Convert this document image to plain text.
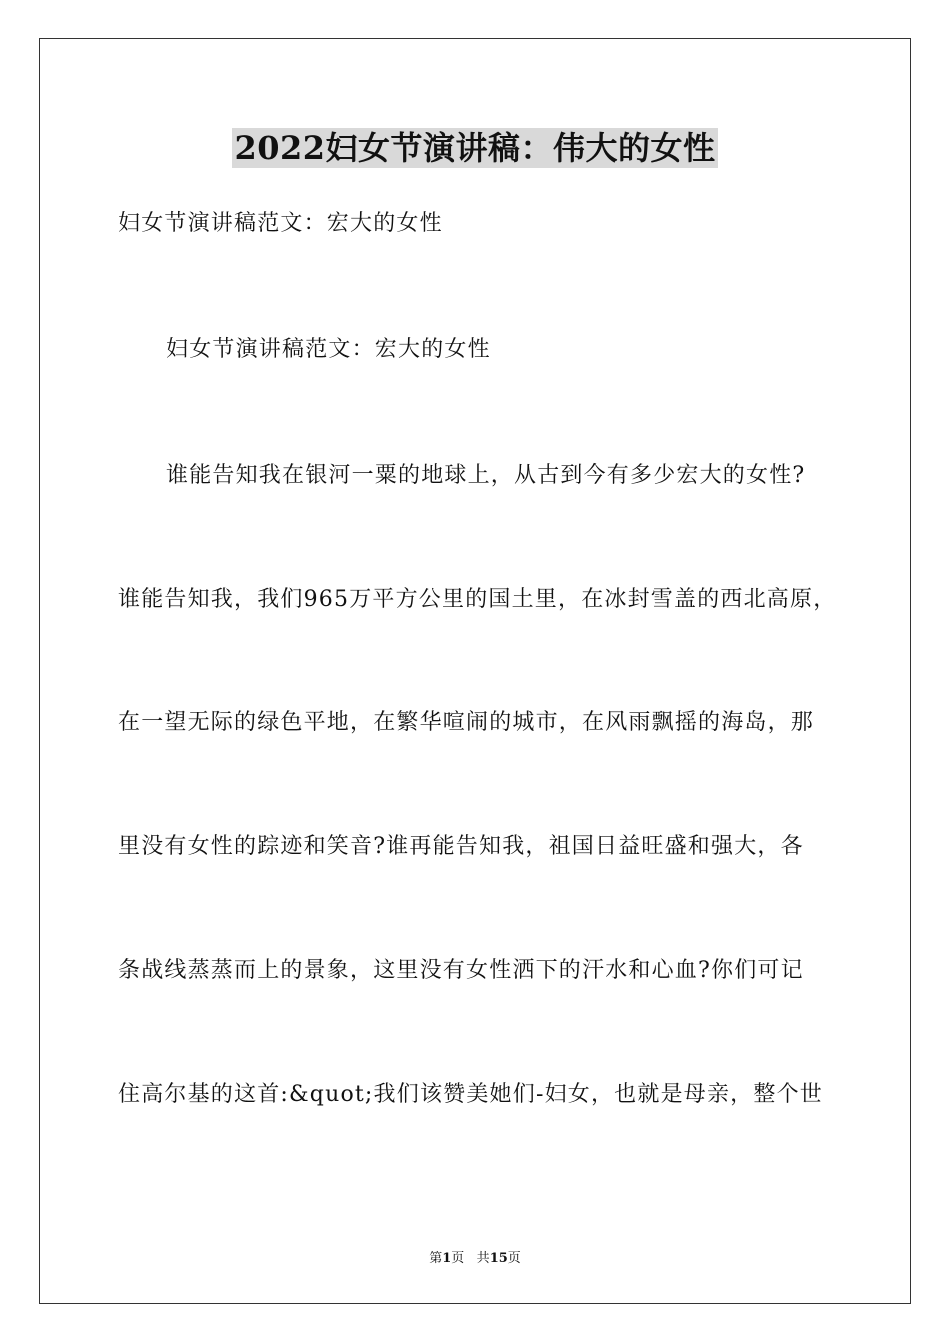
2022妇女节演讲稿：伟大的女性
妇女节演讲稿范文：宏大的女性
妇女节演讲稿范文：宏大的女性
谁能告知我在银河一粟的地球上，从古到今有多少宏大的女性?
谁能告知我，我们965万平方公里的国土里，在冰封雪盖的西北高原，
在一望无际的绿色平地，在繁华喧闹的城市，在风雨飘摇的海岛，那
里没有女性的踪迹和笑音?谁再能告知我，祖国日益旺盛和强大，各
条战线蒸蒸而上的景象，这里没有女性洒下的汗水和心血?你们可记
住高尔基的这首:&quot;我们该赞美她们-妇女，也就是母亲，整个世
第1页 共15页
